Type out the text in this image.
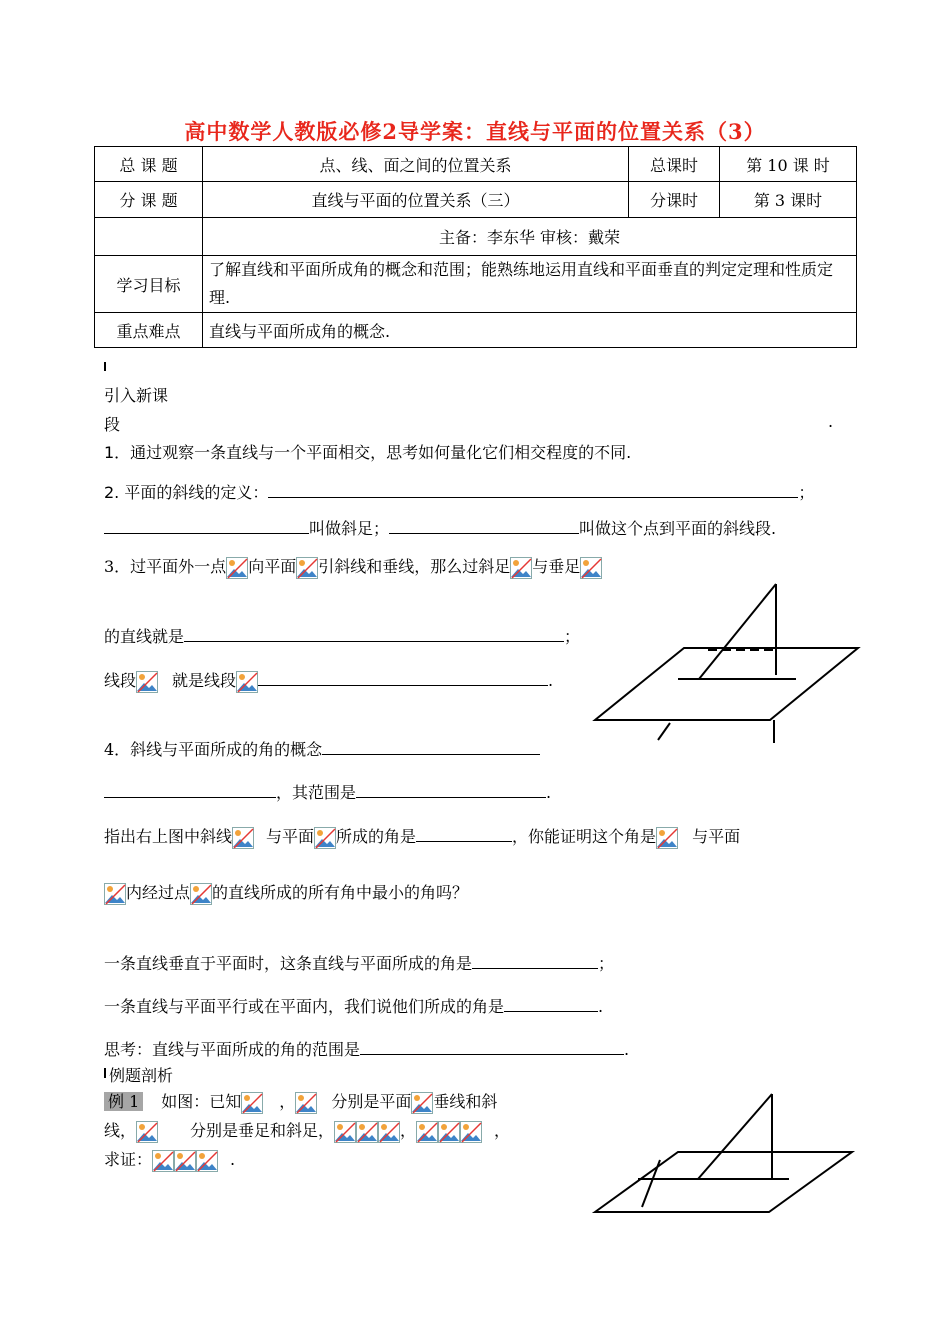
高中数学人教版必修2导学案：直线与平面的位置关系（3）
总 课 题	点、线、面之间的位置关系	总课时	第 10 课 时
分 课 题	直线与平面的位置关系（三）	分课时	第 3 课时
	主备：李东华 审核：戴荣		
学习目标	了解直线和平面所成角的概念和范围；能熟练地运用直线和平面垂直的判定定理和性质定理.		
重点难点	直线与平面所成角的概念.		
引入新课
段	.
1．通过观察一条直线与一个平面相交，思考如何量化它们相交程度的不同.
2. 平面的斜线的定义：	；
叫做斜足；	叫做这个点到平面的斜线段.
3．过平面外一点 向平面 引斜线和垂线，那么过斜足 与垂足
的直线就是	；
线段 就是线段	.
4．斜线与平面所成的角的概念
，其范围是	.
指出右上图中斜线 与平面 所成的角是	，你能证明这个角是 与平面
内经过点 的直线所成的所有角中最小的角吗？
一条直线垂直于平面时，这条直线与平面所成的角是	；
一条直线与平面平行或在平面内，我们说他们所成的角是	.
思考：直线与平面所成的角的范围是	.
例题剖析
例 1 如图：已知 ， 分别是平面 垂线和斜
线，	分别是垂足和斜足，	，	，
求证：	.
